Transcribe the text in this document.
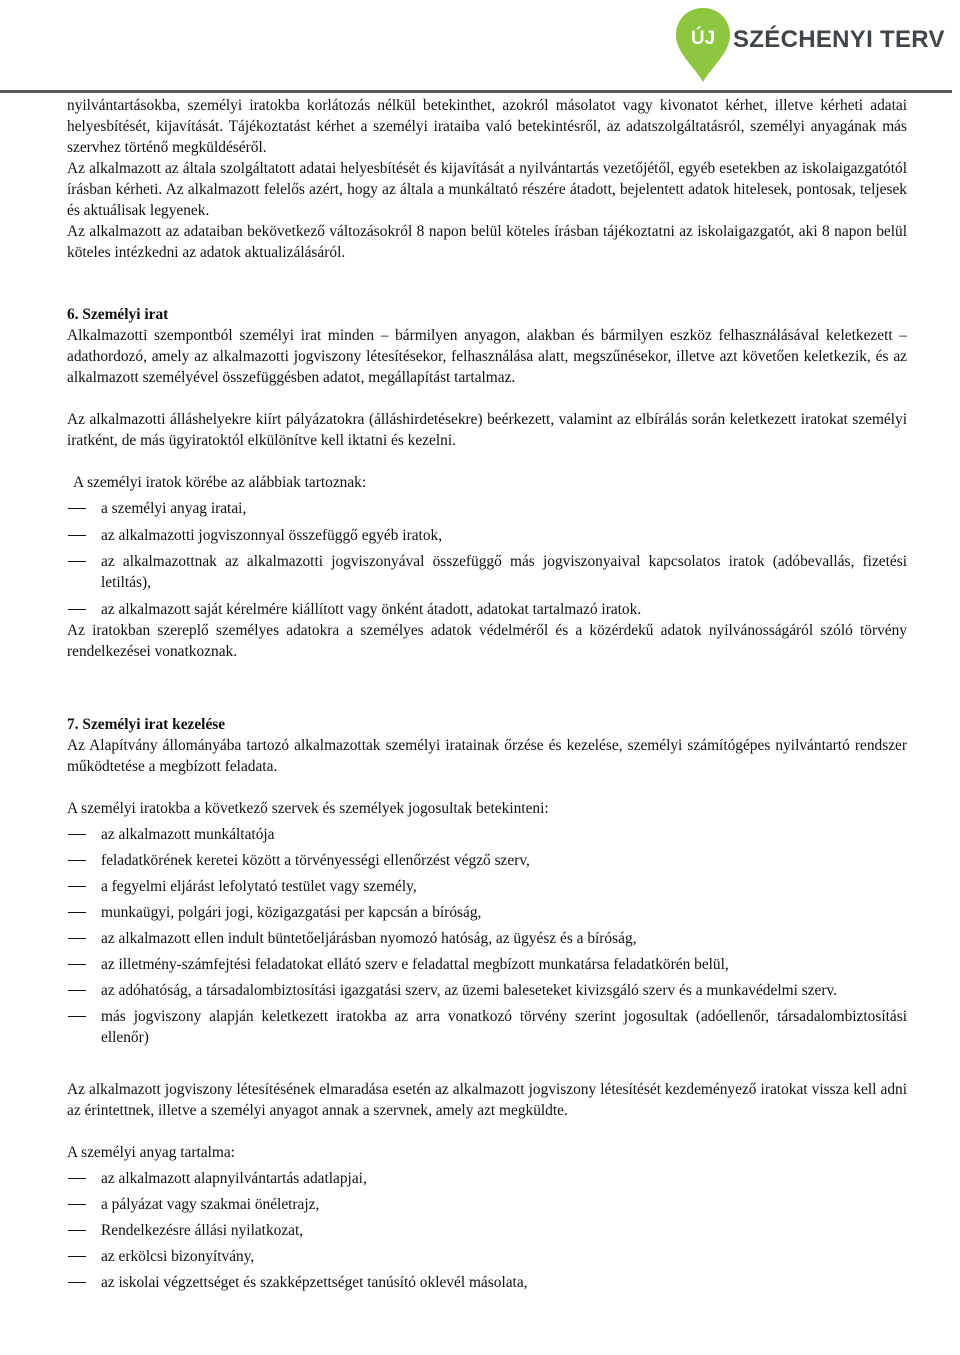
ÚJ SZÉCHENYI TERV

nyilvántartásokba, személyi iratokba korlátozás nélkül betekinthet, azokról másolatot vagy kivonatot kérhet, illetve kérheti adatai helyesbítését, kijavítását. Tájékoztatást kérhet a személyi irataiba való betekintésről, az adatszolgáltatásról, személyi anyagának más szervhez történő megküldéséről.

Az alkalmazott az általa szolgáltatott adatai helyesbítését és kijavítását a nyilvántartás vezetőjétől, egyéb esetekben az iskolaigazgatótól írásban kérheti. Az alkalmazott felelős azért, hogy az általa a munkáltató részére átadott, bejelentett adatok hitelesek, pontosak, teljesek és aktuálisak legyenek.

Az alkalmazott az adataiban bekövetkező változásokról 8 napon belül köteles írásban tájékoztatni az iskolaigazgatót, aki 8 napon belül köteles intézkedni az adatok aktualizálásáról.

6. Személyi irat

Alkalmazotti szempontból személyi irat minden – bármilyen anyagon, alakban és bármilyen eszköz felhasználásával keletkezett – adathordozó, amely az alkalmazotti jogviszony létesítésekor, felhasználása alatt, megszűnésekor, illetve azt követően keletkezik, és az alkalmazott személyével összefüggésben adatot, megállapítást tartalmaz.

Az alkalmazotti álláshelyekre kiírt pályázatokra (álláshirdetésekre) beérkezett, valamint az elbírálás során keletkezett iratokat személyi iratként, de más ügyiratoktól elkülönítve kell iktatni és kezelni.

A személyi iratok körébe az alábbiak tartoznak:

a személyi anyag iratai,
az alkalmazotti jogviszonnyal összefüggő egyéb iratok,
az alkalmazottnak az alkalmazotti jogviszonyával összefüggő más jogviszonyaival kapcsolatos iratok (adóbevallás, fizetési letiltás),
az alkalmazott saját kérelmére kiállított vagy önként átadott, adatokat tartalmazó iratok.

Az iratokban szereplő személyes adatokra a személyes adatok védelméről és a közérdekű adatok nyilvánosságáról szóló törvény rendelkezései vonatkoznak.

7. Személyi irat kezelése

Az Alapítvány állományába tartozó alkalmazottak személyi iratainak őrzése és kezelése, személyi számítógépes nyilvántartó rendszer működtetése a megbízott feladata.

A személyi iratokba a következő szervek és személyek jogosultak betekinteni:

az alkalmazott munkáltatója
feladatkörének keretei között a törvényességi ellenőrzést végző szerv,
a fegyelmi eljárást lefolytató testület vagy személy,
munkaügyi, polgári jogi, közigazgatási per kapcsán a bíróság,
az alkalmazott ellen indult büntetőeljárásban nyomozó hatóság, az ügyész és a bíróság,
az illetmény-számfejtési feladatokat ellátó szerv e feladattal megbízott munkatársa feladatkörén belül,
az adóhatóság, a társadalombiztosítási igazgatási szerv, az üzemi baleseteket kivizsgáló szerv és a munkavédelmi szerv.
más jogviszony alapján keletkezett iratokba az arra vonatkozó törvény szerint jogosultak (adóellenőr, társadalombiztosítási ellenőr)

Az alkalmazott jogviszony létesítésének elmaradása esetén az alkalmazott jogviszony létesítését kezdeményező iratokat vissza kell adni az érintettnek, illetve a személyi anyagot annak a szervnek, amely azt megküldte.

A személyi anyag tartalma:

az alkalmazott alapnyilvántartás adatlapjai,
a pályázat vagy szakmai önéletrajz,
Rendelkezésre állási nyilatkozat,
az erkölcsi bizonyítvány,
az iskolai végzettséget és szakképzettséget tanúsító oklevél másolata,
